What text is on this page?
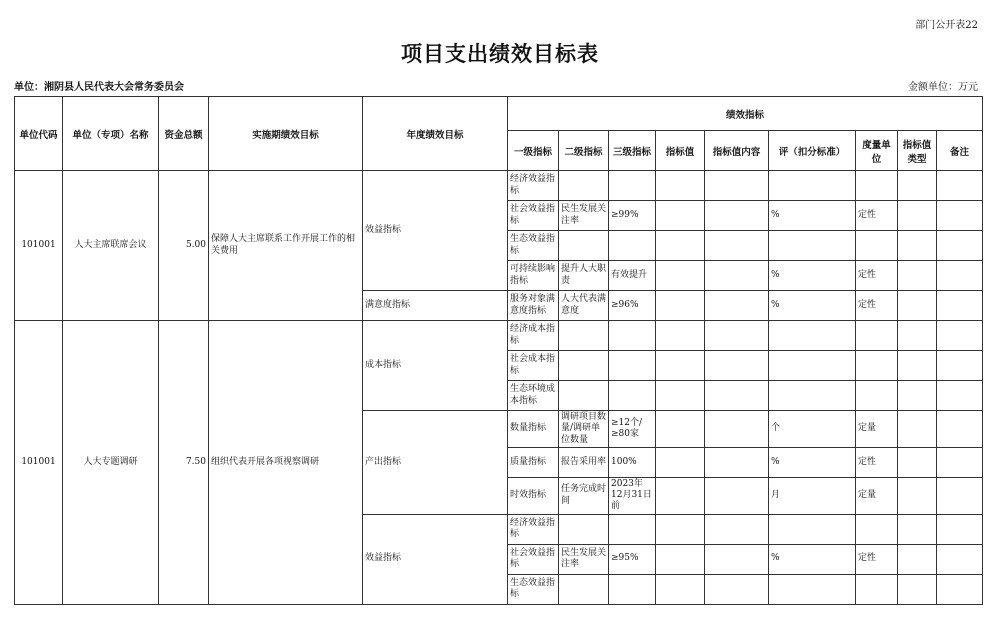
部门公开表22
项目支出绩效目标表
单位：湘阴县人民代表大会常务委员会	金额单位：万元
单位代码	单位（专项）名称	资金总额	实施期绩效目标	年度绩效目标	绩效指标								
					一级指标	二级指标	三级指标	指标值	指标值内容	评（扣分标准）	度量单位	指标值类型	备注
101001	人大主席联席会议	5.00	保障人大主席联系工作开展工作的相关费用	效益指标	经济效益指标								
					社会效益指标	民生发展关注率	≥99%			%	定性		
					生态效益指标								
					可持续影响指标	提升人大职责	有效提升			%	定性		
				满意度指标	服务对象满意度指标	人大代表满意度	≥96%			%	定性		
101001	人大专题调研	7.50	组织代表开展各项视察调研	成本指标	经济成本指标								
					社会成本指标								
					生态环境成本指标								
				产出指标	数量指标	调研项目数量/调研单位数量	≥12个/≥80家			个	定量		
					质量指标	报告采用率	100%			%	定性		
					时效指标	任务完成时间	2023年12月31日前			月	定量		
				效益指标	经济效益指标								
					社会效益指标	民生发展关注率	≥95%			%	定性		
					生态效益指标								
